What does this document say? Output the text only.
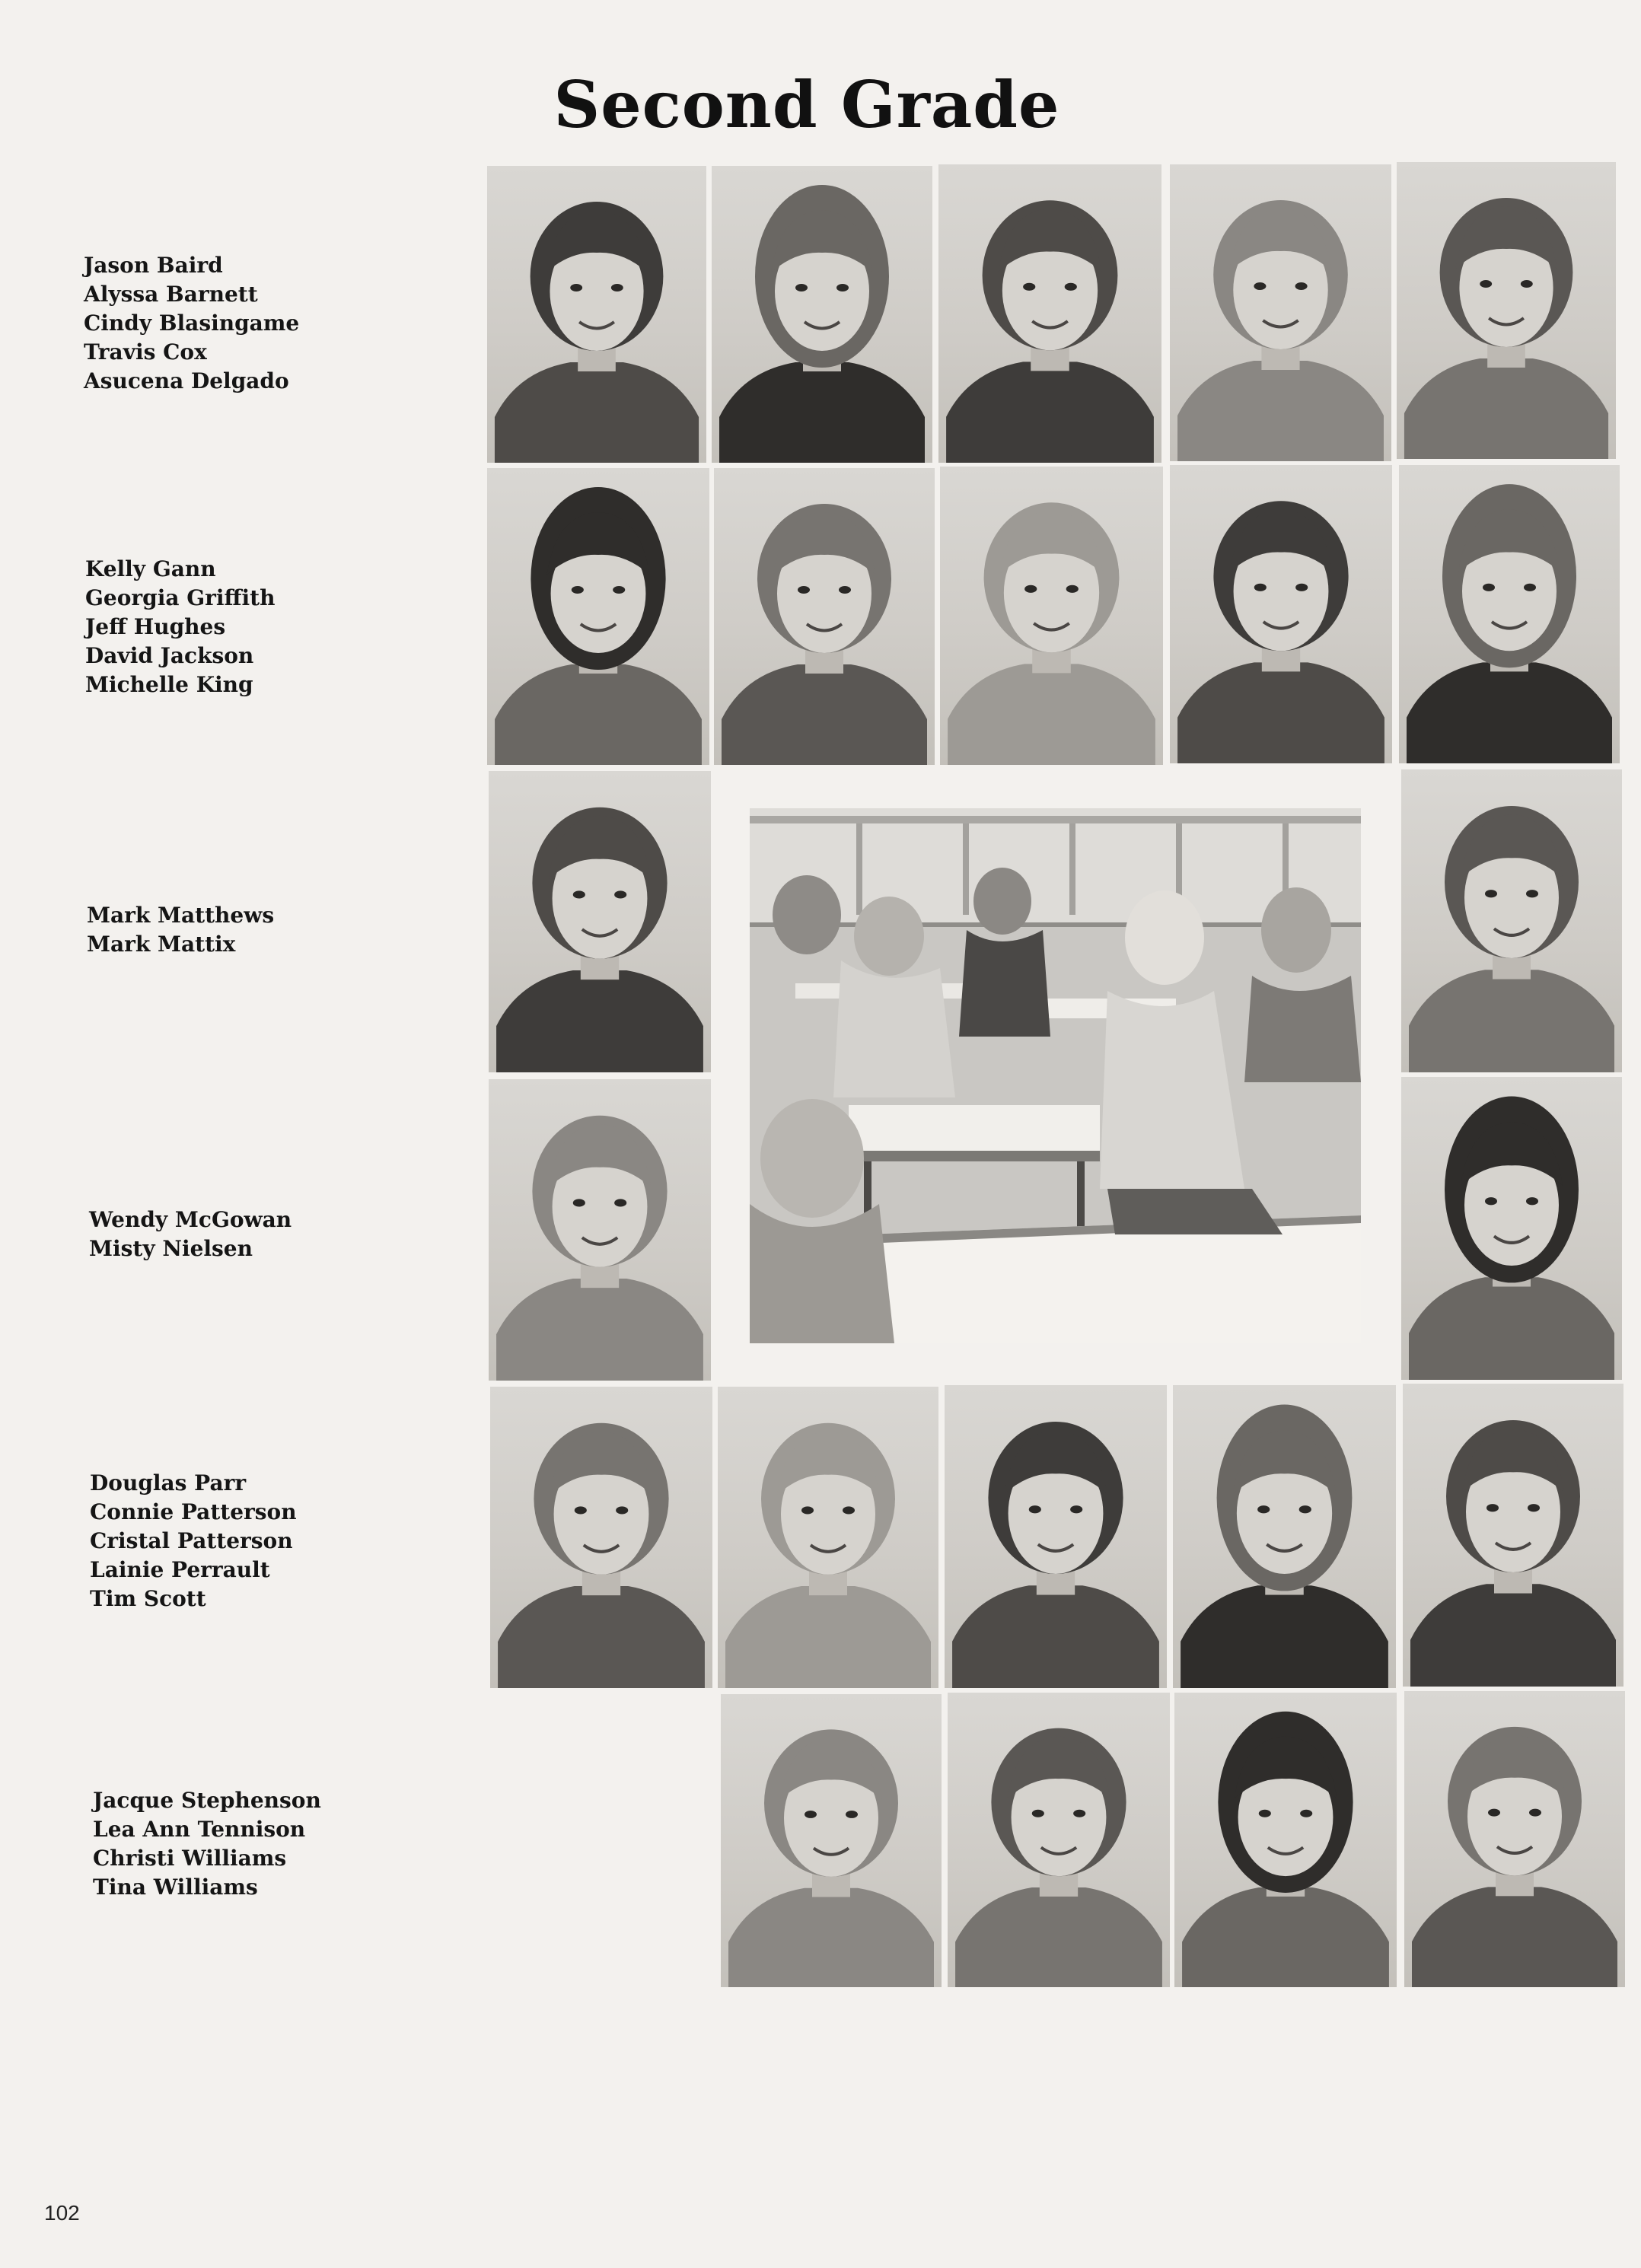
Second Grade
Jason Baird
Alyssa Barnett
Cindy Blasingame
Travis Cox
Asucena Delgado
Kelly Gann
Georgia Griffith
Jeff Hughes
David Jackson
Michelle King
Mark Matthews
Mark Mattix
Wendy McGowan
Misty Nielsen
Douglas Parr
Connie Patterson
Cristal Patterson
Lainie Perrault
Tim Scott
Jacque Stephenson
Lea Ann Tennison
Christi Williams
Tina Williams
102
